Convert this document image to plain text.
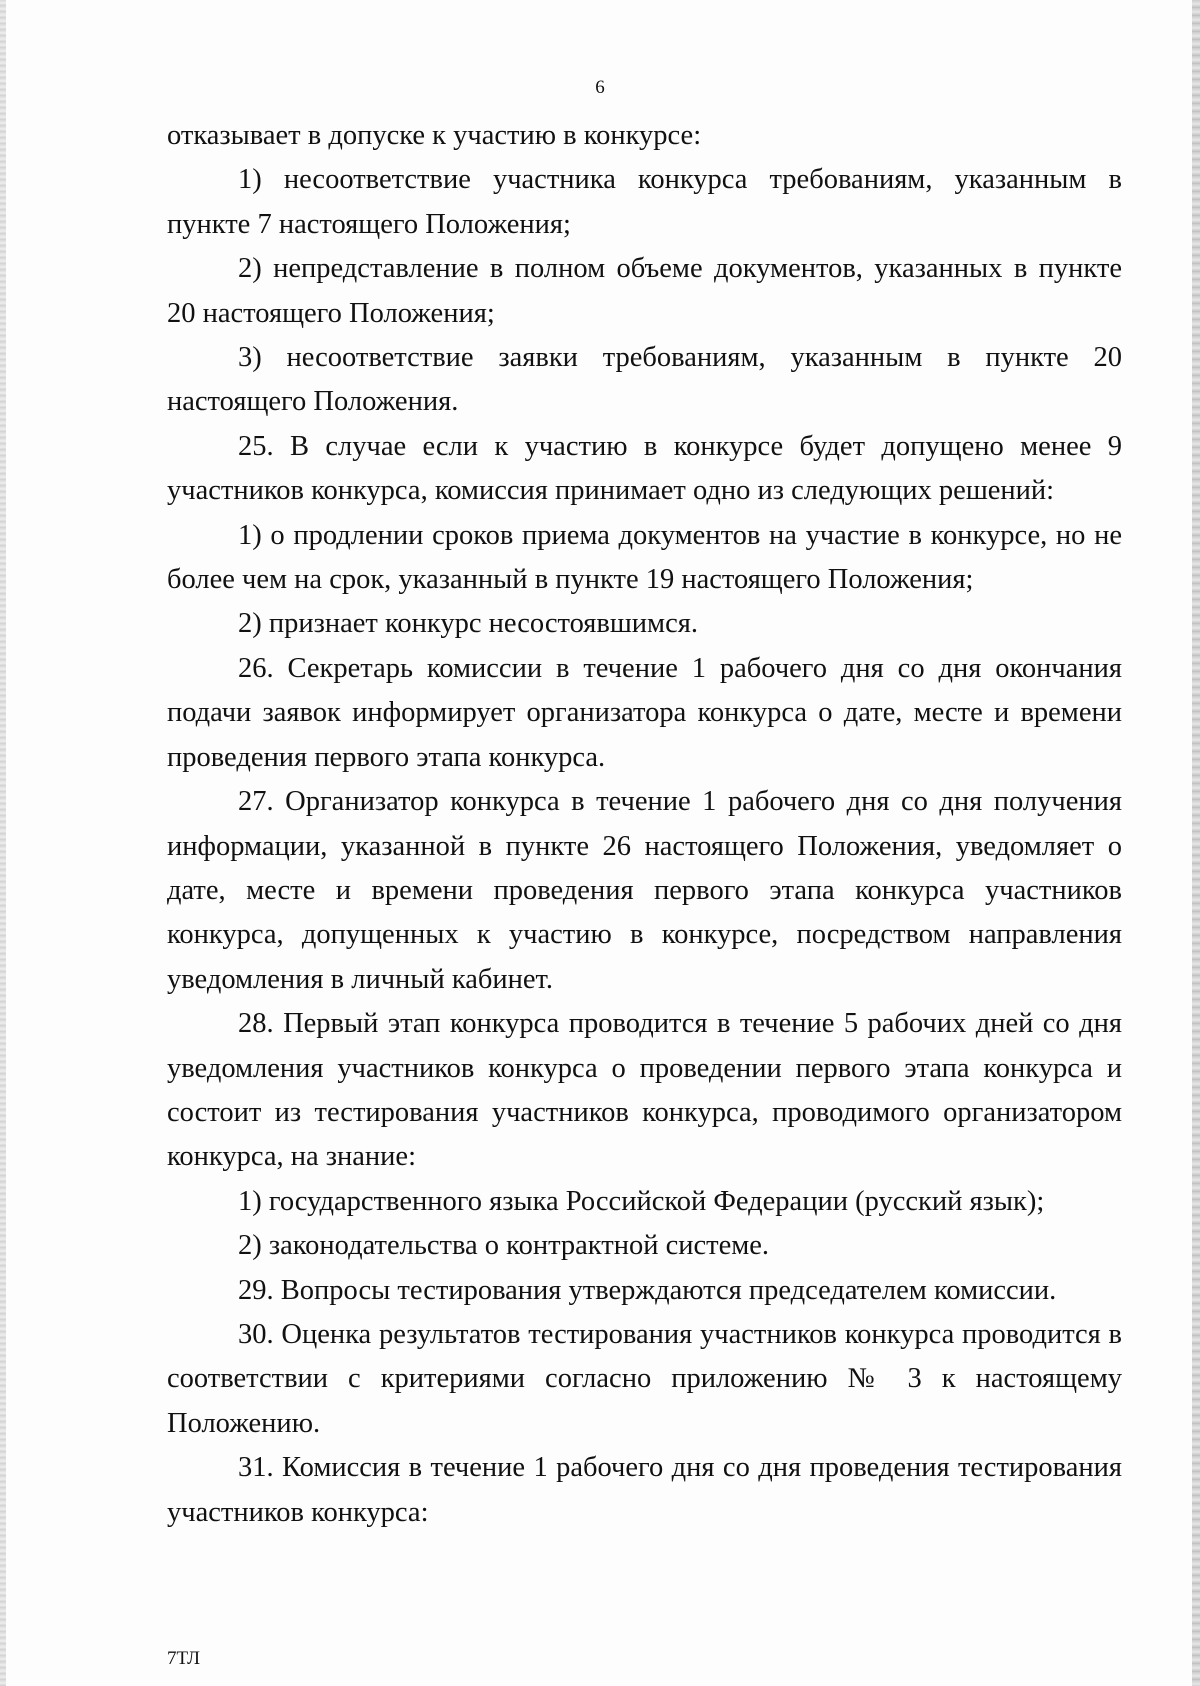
6

отказывает в допуске к участию в конкурсе:

1) несоответствие участника конкурса требованиям, указанным в пункте 7 настоящего Положения;

2) непредставление в полном объеме документов, указанных в пункте 20 настоящего Положения;

3) несоответствие заявки требованиям, указанным в пункте 20 настоящего Положения.

25. В случае если к участию в конкурсе будет допущено менее 9 участников конкурса, комиссия принимает одно из следующих решений:

1) о продлении сроков приема документов на участие в конкурсе, но не более чем на срок, указанный в пункте 19 настоящего Положения;

2) признает конкурс несостоявшимся.

26. Секретарь комиссии в течение 1 рабочего дня со дня окончания подачи заявок информирует организатора конкурса о дате, месте и времени проведения первого этапа конкурса.

27. Организатор конкурса в течение 1 рабочего дня со дня получения информации, указанной в пункте 26 настоящего Положения, уведомляет о дате, месте и времени проведения первого этапа конкурса участников конкурса, допущенных к участию в конкурсе, посредством направления уведомления в личный кабинет.

28. Первый этап конкурса проводится в течение 5 рабочих дней со дня уведомления участников конкурса о проведении первого этапа конкурса и состоит из тестирования участников конкурса, проводимого организатором конкурса, на знание:

1) государственного языка Российской Федерации (русский язык);

2) законодательства о контрактной системе.

29. Вопросы тестирования утверждаются председателем комиссии.

30. Оценка результатов тестирования участников конкурса проводится в соответствии с критериями согласно приложению № 3 к настоящему Положению.

31. Комиссия в течение 1 рабочего дня со дня проведения тестирования участников конкурса:

7ТЛ
